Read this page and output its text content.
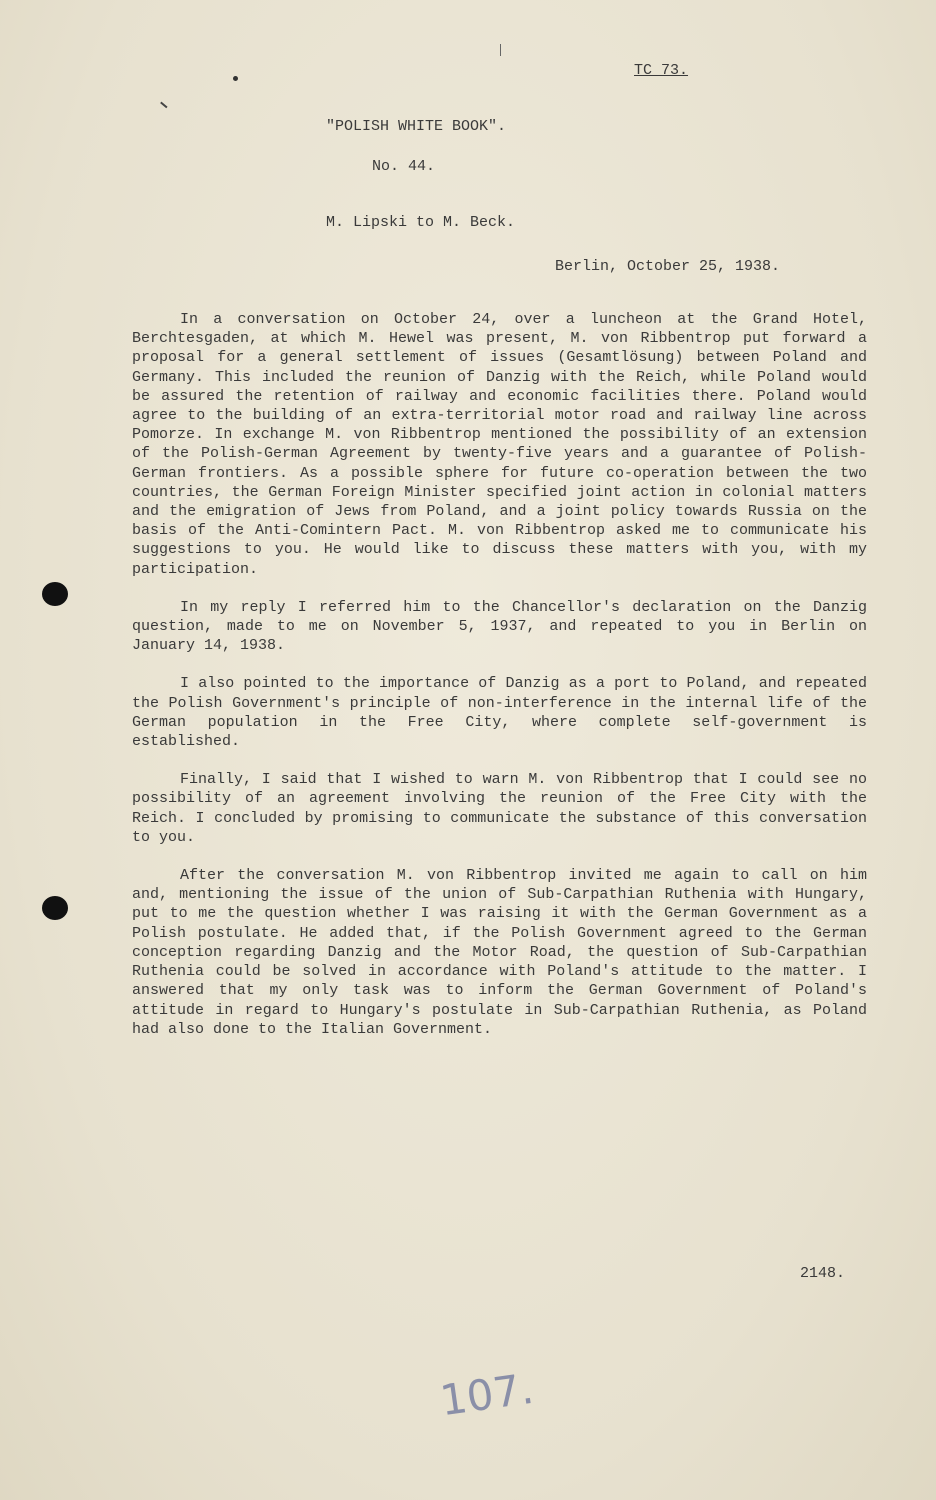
TC 73.
"POLISH WHITE BOOK".
No. 44.
M. Lipski to M. Beck.
Berlin, October 25, 1938.

In a conversation on October 24, over a luncheon at the Grand Hotel, Berchtesgaden, at which M. Hewel was present, M. von Ribbentrop put forward a proposal for a general settlement of issues (Gesamtlösung) between Poland and Germany. This included the reunion of Danzig with the Reich, while Poland would be assured the retention of railway and economic facilities there. Poland would agree to the building of an extra-territorial motor road and railway line across Pomorze. In exchange M. von Ribbentrop mentioned the possibility of an extension of the Polish-German Agreement by twenty-five years and a guarantee of Polish-German frontiers. As a possible sphere for future co-operation between the two countries, the German Foreign Minister specified joint action in colonial matters and the emigration of Jews from Poland, and a joint policy towards Russia on the basis of the Anti-Comintern Pact. M. von Ribbentrop asked me to communicate his suggestions to you. He would like to discuss these matters with you, with my participation.

In my reply I referred him to the Chancellor's declaration on the Danzig question, made to me on November 5, 1937, and repeated to you in Berlin on January 14, 1938.

I also pointed to the importance of Danzig as a port to Poland, and repeated the Polish Government's principle of non-interference in the internal life of the German population in the Free City, where complete self-government is established.

Finally, I said that I wished to warn M. von Ribbentrop that I could see no possibility of an agreement involving the reunion of the Free City with the Reich. I concluded by promising to communicate the substance of this conversation to you.

After the conversation M. von Ribbentrop invited me again to call on him and, mentioning the issue of the union of Sub-Carpathian Ruthenia with Hungary, put to me the question whether I was raising it with the German Government as a Polish postulate. He added that, if the Polish Government agreed to the German conception regarding Danzig and the Motor Road, the question of Sub-Carpathian Ruthenia could be solved in accordance with Poland's attitude to the matter. I answered that my only task was to inform the German Government of Poland's attitude in regard to Hungary's postulate in Sub-Carpathian Ruthenia, as Poland had also done to the Italian Government.

2148.
107.
